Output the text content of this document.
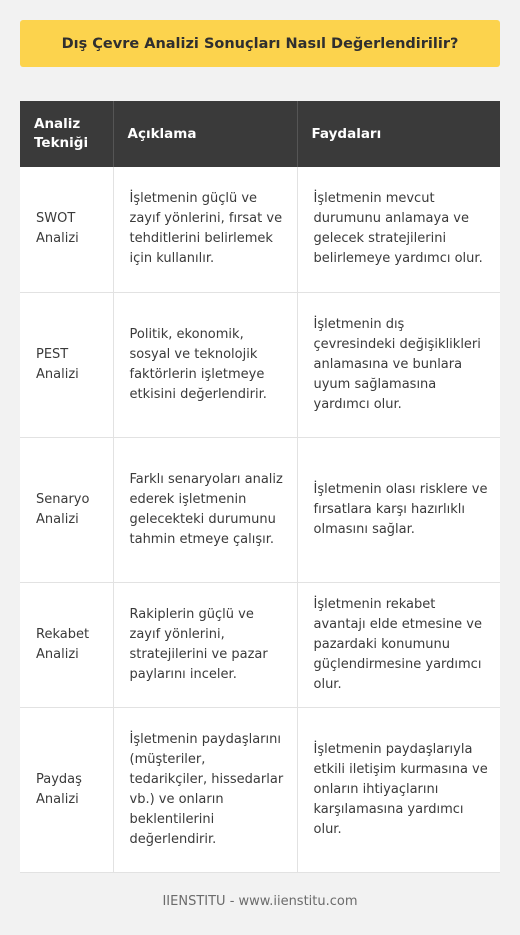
Dış Çevre Analizi Sonuçları Nasıl Değerlendirilir?
Analiz Tekniği	Açıklama	Faydaları
SWOT Analizi	İşletmenin güçlü ve zayıf yönlerini, fırsat ve tehditlerini belirlemek için kullanılır.	İşletmenin mevcut durumunu anlamaya ve gelecek stratejilerini belirlemeye yardımcı olur.
PEST Analizi	Politik, ekonomik, sosyal ve teknolojik faktörlerin işletmeye etkisini değerlendirir.	İşletmenin dış çevresindeki değişiklikleri anlamasına ve bunlara uyum sağlamasına yardımcı olur.
Senaryo Analizi	Farklı senaryoları analiz ederek işletmenin gelecekteki durumunu tahmin etmeye çalışır.	İşletmenin olası risklere ve fırsatlara karşı hazırlıklı olmasını sağlar.
Rekabet Analizi	Rakiplerin güçlü ve zayıf yönlerini, stratejilerini ve pazar paylarını inceler.	İşletmenin rekabet avantajı elde etmesine ve pazardaki konumunu güçlendirmesine yardımcı olur.
Paydaş Analizi	İşletmenin paydaşlarını (müşteriler, tedarikçiler, hissedarlar vb.) ve onların beklentilerini değerlendirir.	İşletmenin paydaşlarıyla etkili iletişim kurmasına ve onların ihtiyaçlarını karşılamasına yardımcı olur.
IIENSTITU - www.iienstitu.com
